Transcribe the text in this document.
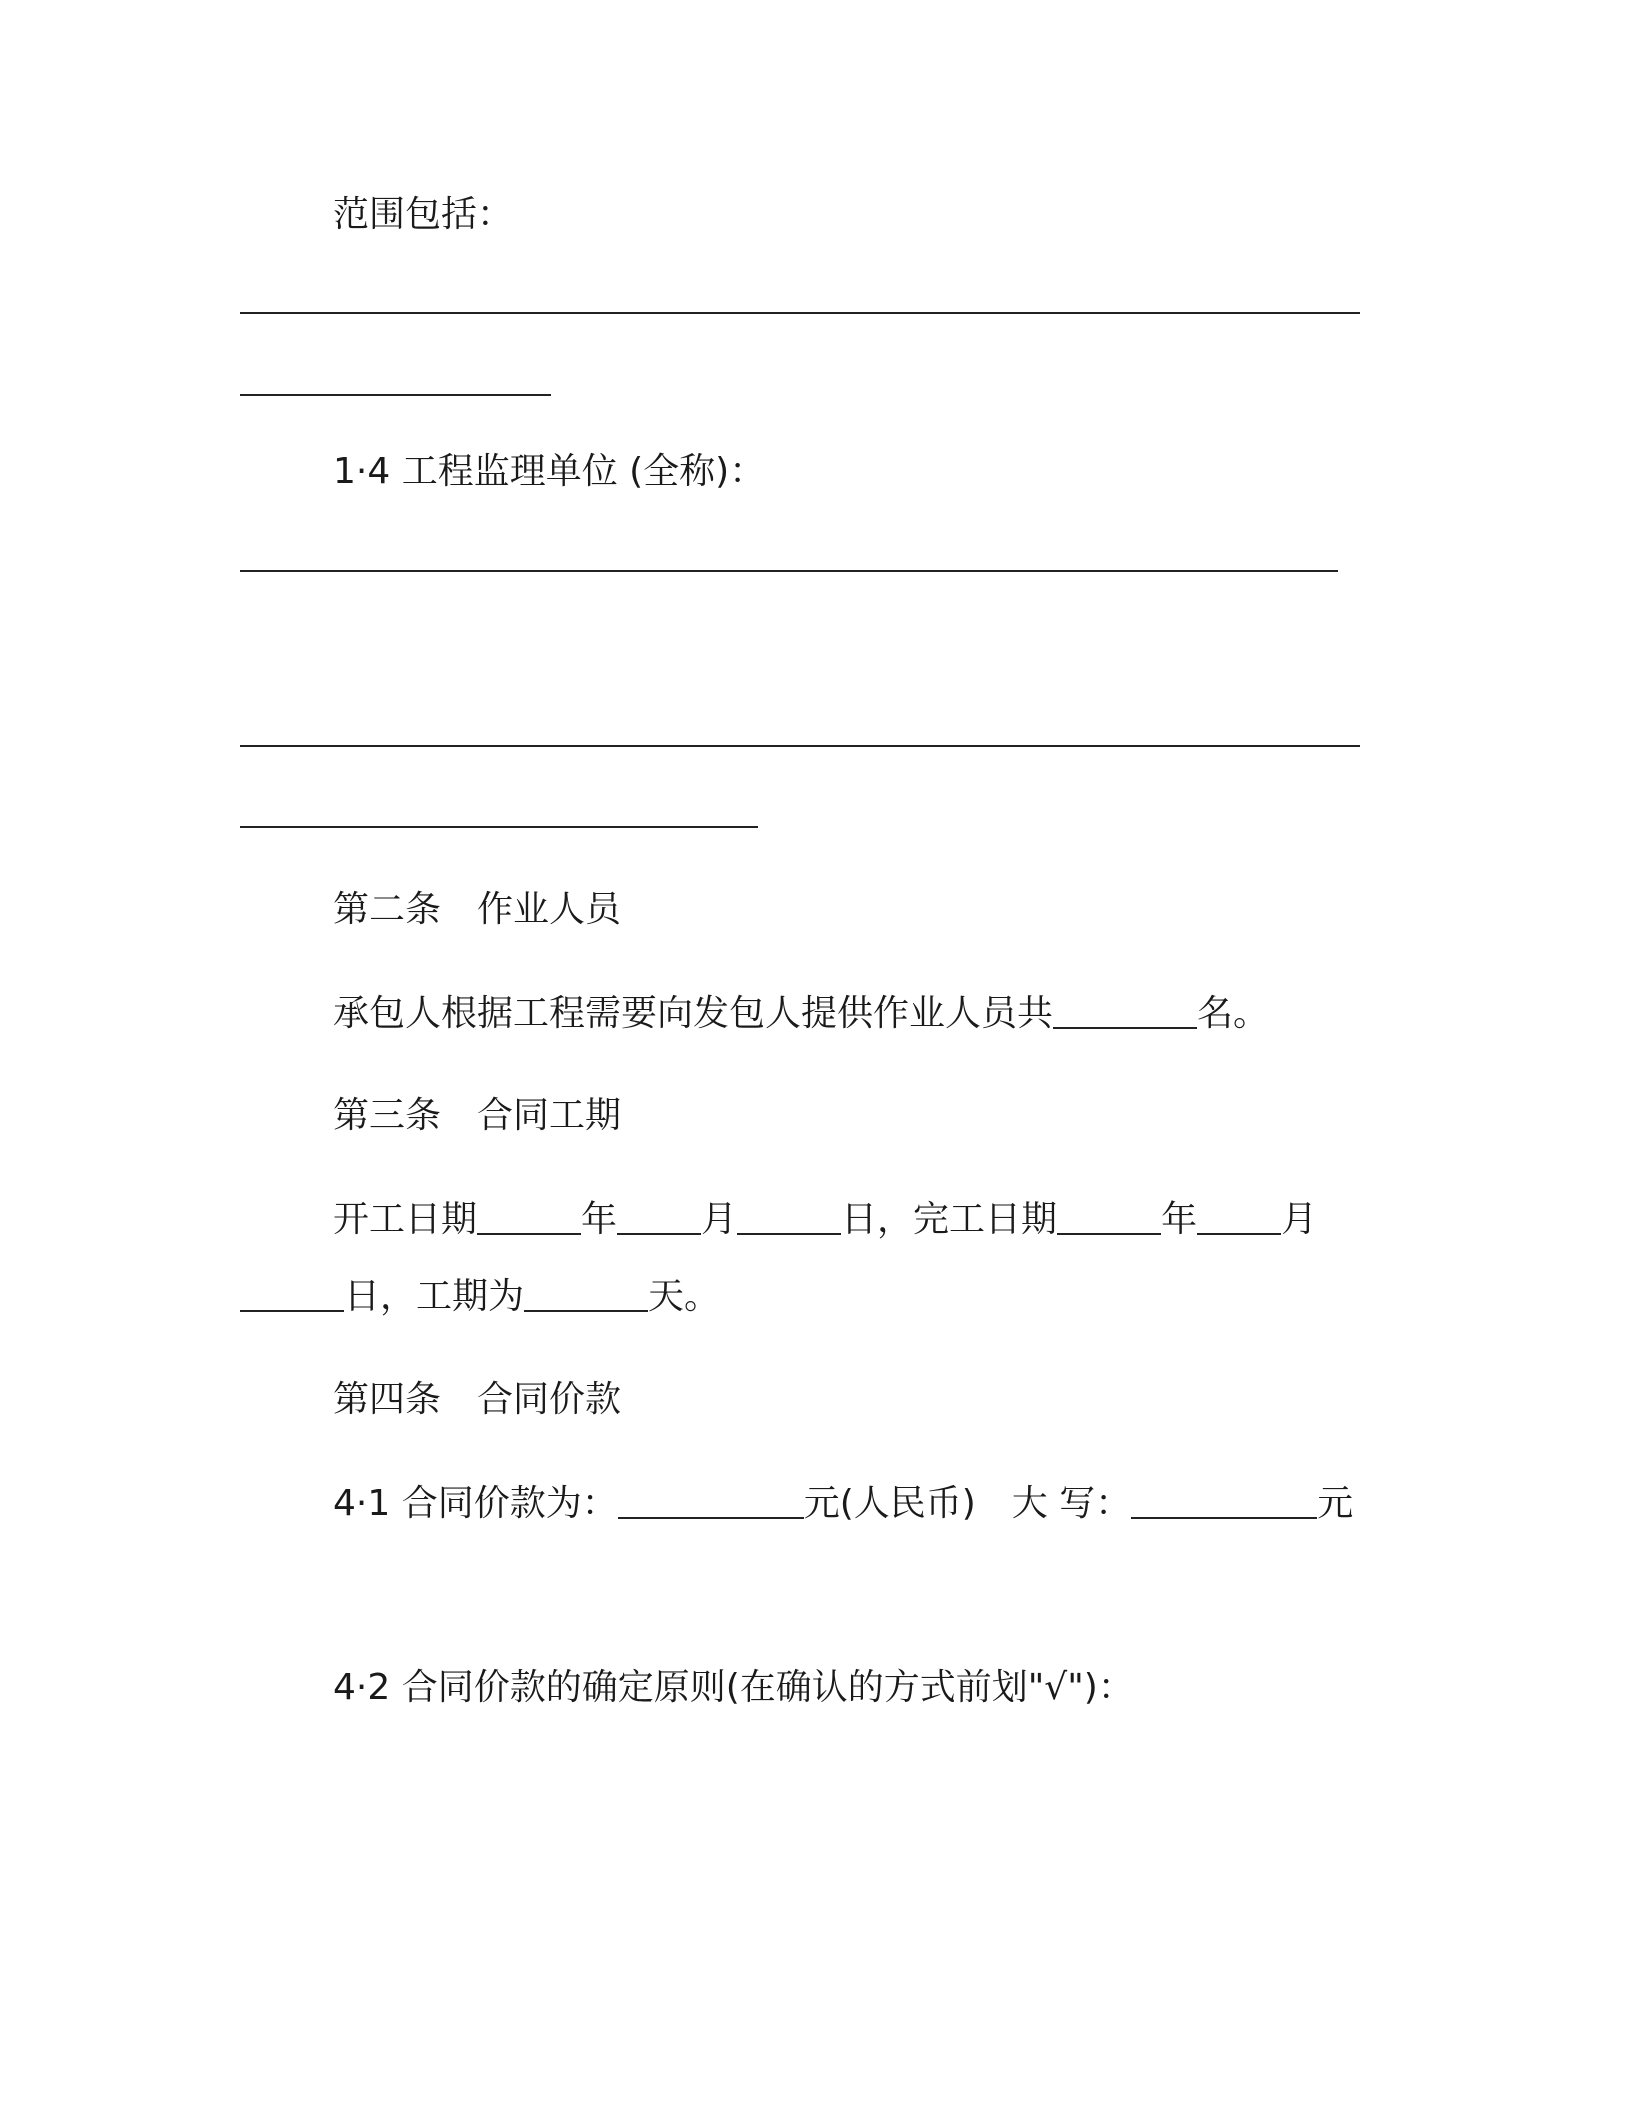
范围包括：
1·4 工程监理单位 (全称)：
第二条　作业人员
承包人根据工程需要向发包人提供作业人员共	名。
第三条　合同工期
开工日期	年 月	日，完工日期	年 月
日，工期为	天。
第四条　合同价款
4·1 合同价款为：	元(人民币)　大 写：	元
4·2 合同价款的确定原则(在确认的方式前划"√")：
